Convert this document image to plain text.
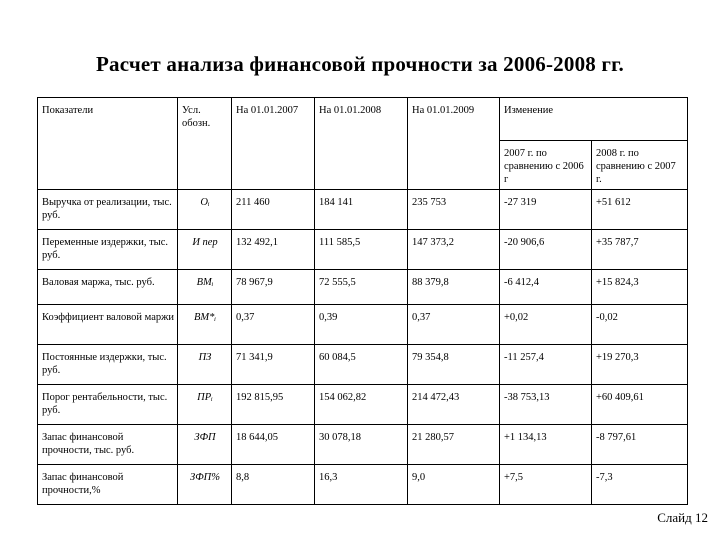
Расчет анализа финансовой прочности за 2006-2008 гг.
Показатели	Усл. обозн.	На 01.01.2007	На 01.01.2008	На 01.01.2009	Изменение	
					2007 г. по сравнению с 2006 г	2008 г. по сравнению с 2007 г.
Выручка от реализации, тыс. руб.	Oᵢ	211 460	184 141	235 753	-27 319	+51 612
Переменные издержки, тыс. руб.	И пер	132 492,1	111 585,5	147 373,2	-20 906,6	+35 787,7
Валовая маржа, тыс. руб.	ВMᵢ	78 967,9	72 555,5	88 379,8	-6 412,4	+15 824,3
Коэффициент валовой маржи	ВM*ᵢ	0,37	0,39	0,37	+0,02	-0,02
Постоянные издержки, тыс. руб.	ПЗ	71 341,9	60 084,5	79 354,8	-11 257,4	+19 270,3
Порог рентабельности, тыс. руб.	ПPᵢ	192 815,95	154 062,82	214 472,43	-38 753,13	+60 409,61
Запас финансовой прочности, тыс. руб.	ЗФП	18 644,05	30 078,18	21 280,57	+1 134,13	-8 797,61
Запас финансовой прочности,%	ЗФП%	8,8	16,3	9,0	+7,5	-7,3
Слайд 12
